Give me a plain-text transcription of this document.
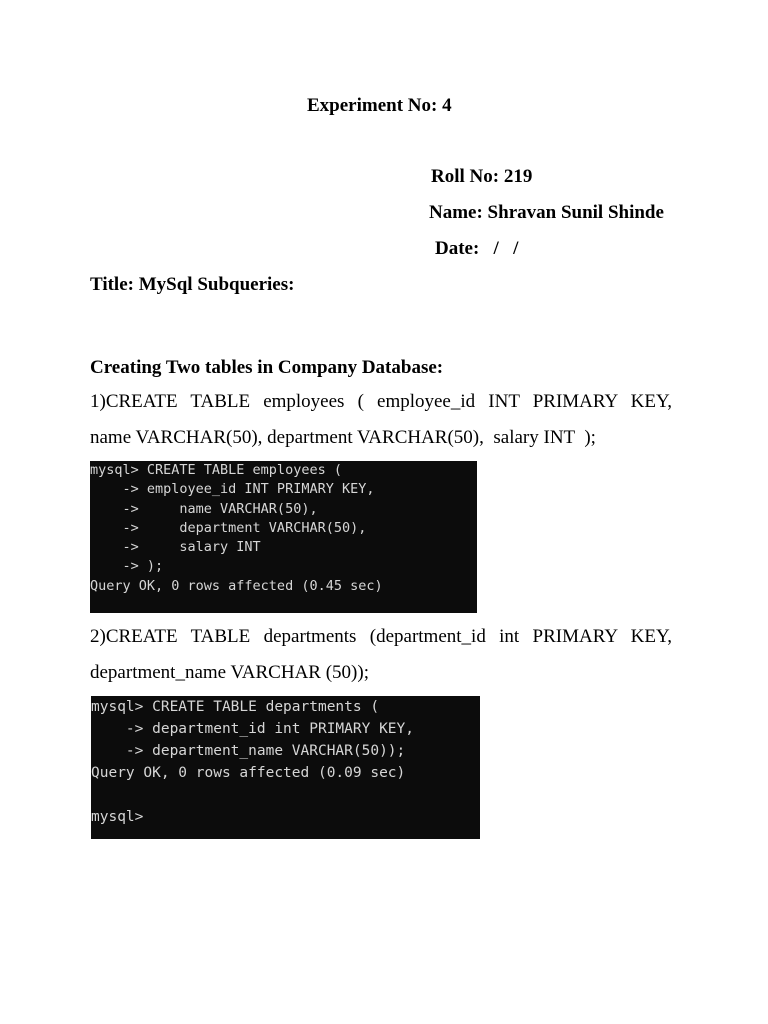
Experiment No: 4
Roll No: 219
Name: Shravan Sunil Shinde
Date:   /   /
Title: MySql Subqueries:
Creating Two tables in Company Database:
1)CREATE TABLE employees ( employee_id INT PRIMARY KEY,
name VARCHAR(50), department VARCHAR(50),  salary INT  );
mysql> CREATE TABLE employees (
-> employee_id INT PRIMARY KEY,
->     name VARCHAR(50),
->     department VARCHAR(50),
->     salary INT
-> );
Query OK, 0 rows affected (0.45 sec)
2)CREATE TABLE departments (department_id int PRIMARY KEY,
department_name VARCHAR (50));
mysql> CREATE TABLE departments (
-> department_id int PRIMARY KEY,
-> department_name VARCHAR(50));
Query OK, 0 rows affected (0.09 sec)
mysql>
